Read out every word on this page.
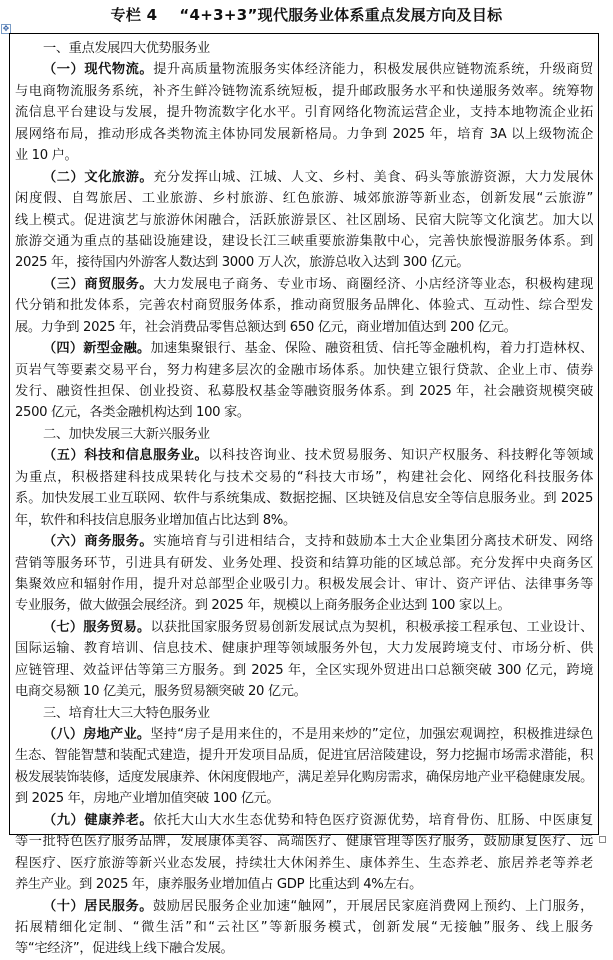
专栏 4 “4+3+3”现代服务业体系重点发展方向及目标
✥
一、重点发展四大优势服务业
（一）现代物流。提升高质量物流服务实体经济能力，积极发展供应链物流系统，升级商贸
与电商物流服务系统，补齐生鲜冷链物流系统短板，提升邮政服务水平和快递服务效率。统筹物
流信息平台建设与发展，提升物流数字化水平。引育网络化物流运营企业，支持本地物流企业拓
展网络布局，推动形成各类物流主体协同发展新格局。力争到 2025 年，培育 3A 以上级物流企
业 10 户。
（二）文化旅游。充分发挥山城、江城、人文、乡村、美食、码头等旅游资源，大力发展休
闲度假、自驾旅居、工业旅游、乡村旅游、红色旅游、城郊旅游等新业态，创新发展“云旅游”
线上模式。促进演艺与旅游休闲融合，活跃旅游景区、社区剧场、民宿大院等文化演艺。加大以
旅游交通为重点的基础设施建设，建设长江三峡重要旅游集散中心，完善快旅慢游服务体系。到
2025 年，接待国内外游客人数达到 3000 万人次，旅游总收入达到 300 亿元。
（三）商贸服务。大力发展电子商务、专业市场、商圈经济、小店经济等业态，积极构建现
代分销和批发体系，完善农村商贸服务体系，推动商贸服务品牌化、体验式、互动性、综合型发
展。力争到 2025 年，社会消费品零售总额达到 650 亿元，商业增加值达到 200 亿元。
（四）新型金融。加速集聚银行、基金、保险、融资租赁、信托等金融机构，着力打造林权、
页岩气等要素交易平台，努力构建多层次的金融市场体系。加快建立银行贷款、企业上市、债券
发行、融资性担保、创业投资、私募股权基金等融资服务体系。到 2025 年，社会融资规模突破
2500 亿元，各类金融机构达到 100 家。
二、加快发展三大新兴服务业
（五）科技和信息服务业。以科技咨询业、技术贸易服务、知识产权服务、科技孵化等领域
为重点，积极搭建科技成果转化与技术交易的“科技大市场”，构建社会化、网络化科技服务体
系。加快发展工业互联网、软件与系统集成、数据挖掘、区块链及信息安全等信息服务业。到 2025
年，软件和科技信息服务业增加值占比达到 8%。
（六）商务服务。实施培育与引进相结合，支持和鼓励本土大企业集团分离技术研发、网络
营销等服务环节，引进具有研发、业务处理、投资和结算功能的区域总部。充分发挥中央商务区
集聚效应和辐射作用，提升对总部型企业吸引力。积极发展会计、审计、资产评估、法律事务等
专业服务，做大做强会展经济。到 2025 年，规模以上商务服务企业达到 100 家以上。
（七）服务贸易。以获批国家服务贸易创新发展试点为契机，积极承接工程承包、工业设计、
国际运输、教育培训、信息技术、健康护理等领域服务外包，大力发展跨境支付、市场分析、供
应链管理、效益评估等第三方服务。到 2025 年，全区实现外贸进出口总额突破 300 亿元，跨境
电商交易额 10 亿美元，服务贸易额突破 20 亿元。
三、培育壮大三大特色服务业
（八）房地产业。坚持“房子是用来住的，不是用来炒的”定位，加强宏观调控，积极推进绿色
生态、智能智慧和装配式建造，提升开发项目品质，促进宜居涪陵建设，努力挖掘市场需求潜能，积
极发展装饰装修，适度发展康养、休闲度假地产，满足差异化购房需求，确保房地产业平稳健康发展。
到 2025 年，房地产业增加值突破 100 亿元。
（九）健康养老。依托大山大水生态优势和特色医疗资源优势，培育骨伤、肛肠、中医康复
等一批特色医疗服务品牌，发展康体美容、高端医疗、健康管理等医疗服务，鼓励康复医疗、远
程医疗、医疗旅游等新兴业态发展，持续壮大休闲养生、康体养生、生态养老、旅居养老等养老
养生产业。到 2025 年，康养服务业增加值占 GDP 比重达到 4%左右。
（十）居民服务。鼓励居民服务企业加速“触网”，开展居民家庭消费网上预约、上门服务，
拓展精细化定制、“微生活”和“云社区”等新服务模式，创新发展“无接触”服务、线上服务
等“宅经济”，促进线上线下融合发展。
